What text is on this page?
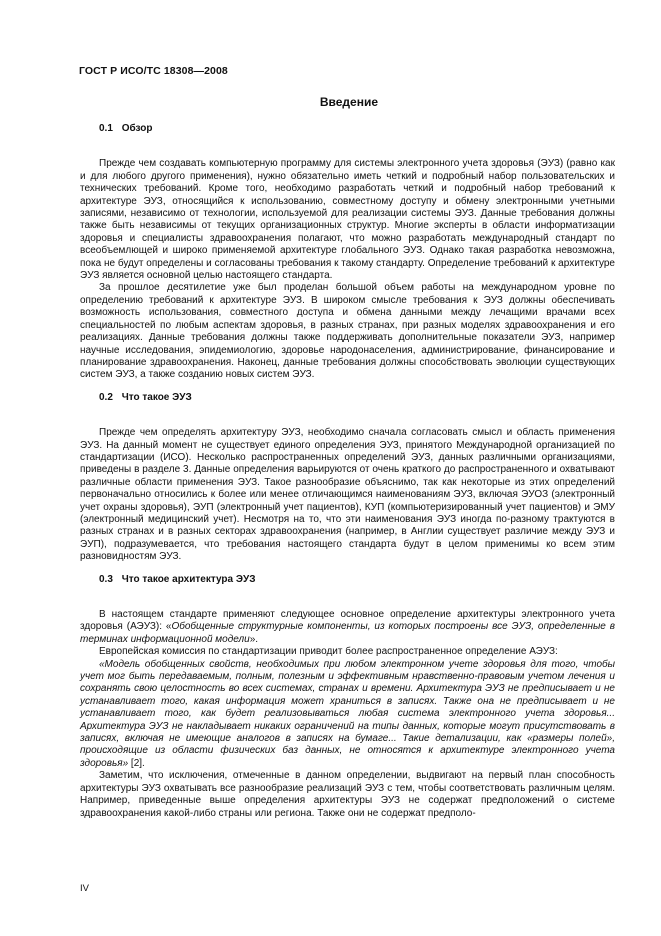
ГОСТ Р ИСО/ТС 18308—2008
Введение
0.1 Обзор

Прежде чем создавать компьютерную программу для системы электронного учета здоровья (ЭУЗ) (равно как и для любого другого применения), нужно обязательно иметь четкий и подробный набор пользовательских и технических требований. Кроме того, необходимо разработать четкий и подробный набор требований к архитектуре ЭУЗ, относящийся к использованию, совместному доступу и обмену электронными учетными записями, независимо от технологии, используемой для реализации системы ЭУЗ. Данные требования должны также быть независимы от текущих организационных структур. Многие эксперты в области информатизации здоровья и специалисты здравоохранения полагают, что можно разработать международный стандарт по всеобъемлющей и широко применяемой архитектуре глобального ЭУЗ. Однако такая разработка невозможна, пока не будут определены и согласованы требования к такому стандарту. Определение требований к архитектуре ЭУЗ является основной целью настоящего стандарта.

За прошлое десятилетие уже был проделан большой объем работы на международном уровне по определению требований к архитектуре ЭУЗ. В широком смысле требования к ЭУЗ должны обеспечивать возможность использования, совместного доступа и обмена данными между лечащими врачами всех специальностей по любым аспектам здоровья, в разных странах, при разных моделях здравоохранения и его реализациях. Данные требования должны также поддерживать дополнительные показатели ЭУЗ, например научные исследования, эпидемиологию, здоровье народонаселения, администрирование, финансирование и планирование здравоохранения. Наконец, данные требования должны способствовать эволюции существующих систем ЭУЗ, а также созданию новых систем ЭУЗ.

0.2 Что такое ЭУЗ

Прежде чем определять архитектуру ЭУЗ, необходимо сначала согласовать смысл и область применения ЭУЗ. На данный момент не существует единого определения ЭУЗ, принятого Международной организацией по стандартизации (ИСО). Несколько распространенных определений ЭУЗ, данных различными организациями, приведены в разделе 3. Данные определения варьируются от очень краткого до распространенного и охватывают различные области применения ЭУЗ. Такое разнообразие объяснимо, так как некоторые из этих определений первоначально относились к более или менее отличающимся наименованиям ЭУЗ, включая ЭУОЗ (электронный учет охраны здоровья), ЭУП (электронный учет пациентов), КУП (компьютеризированный учет пациентов) и ЭМУ (электронный медицинский учет). Несмотря на то, что эти наименования ЭУЗ иногда по-разному трактуются в разных странах и в разных секторах здравоохранения (например, в Англии существует различие между ЭУЗ и ЭУП), подразумевается, что требования настоящего стандарта будут в целом применимы ко всем этим разновидностям ЭУЗ.

0.3 Что такое архитектура ЭУЗ

В настоящем стандарте применяют следующее основное определение архитектуры электронного учета здоровья (АЭУЗ): «Обобщенные структурные компоненты, из которых построены все ЭУЗ, определенные в терминах информационной модели».

Европейская комиссия по стандартизации приводит более распространенное определение АЭУЗ:

«Модель обобщенных свойств, необходимых при любом электронном учете здоровья для того, чтобы учет мог быть передаваемым, полным, полезным и эффективным нравственно-правовым учетом лечения и сохранять свою целостность во всех системах, странах и времени. Архитектура ЭУЗ не предписывает и не устанавливает того, какая информация может храниться в записях. Также она не предписывает и не устанавливает того, как будет реализовываться любая система электронного учета здоровья... Архитектура ЭУЗ не накладывает никаких ограничений на типы данных, которые могут присутствовать в записях, включая не имеющие аналогов в записях на бумаге... Такие детализации, как «размеры полей», происходящие из области физических баз данных, не относятся к архитектуре электронного учета здоровья» [2].

Заметим, что исключения, отмеченные в данном определении, выдвигают на первый план способность архитектуры ЭУЗ охватывать все разнообразие реализаций ЭУЗ с тем, чтобы соответствовать различным целям. Например, приведенные выше определения архитектуры ЭУЗ не содержат предположений о системе здравоохранения какой-либо страны или региона. Также они не содержат предполо-

IV
